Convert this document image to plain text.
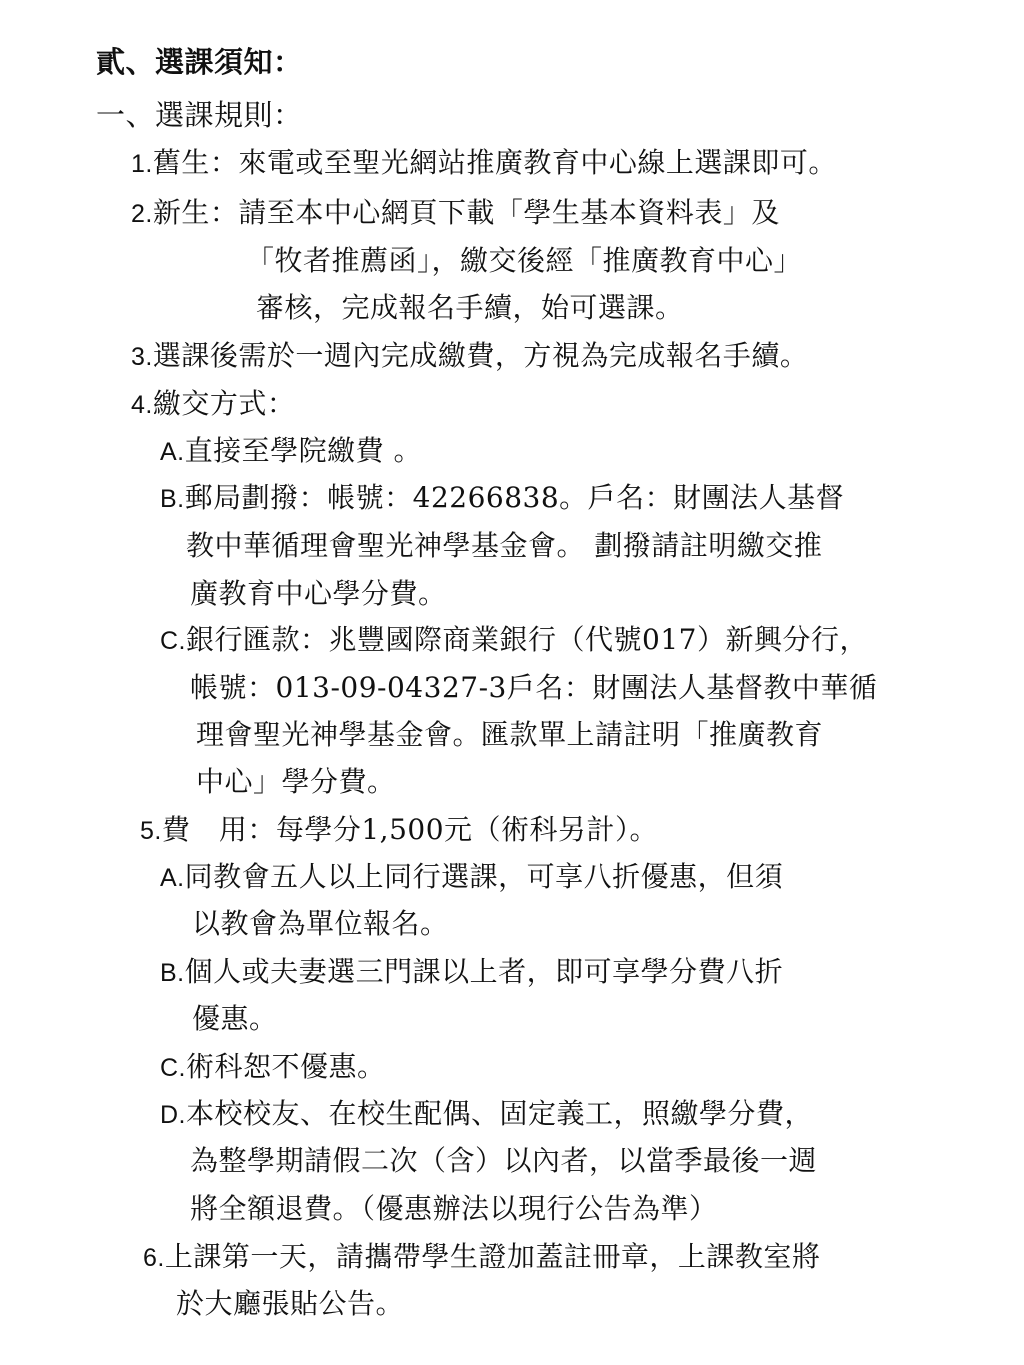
貳、選課須知：
一、選課規則：
1.舊生：來電或至聖光網站推廣教育中心線上選課即可。
2.新生：請至本中心網頁下載「學生基本資料表」及
「牧者推薦函」，繳交後經「推廣教育中心」
審核，完成報名手續，始可選課。
3.選課後需於一週內完成繳費，方視為完成報名手續。
4.繳交方式：
A.直接至學院繳費 。
B.郵局劃撥：帳號：42266838。戶名：財團法人基督
教中華循理會聖光神學基金會。 劃撥請註明繳交推
廣教育中心學分費。
C.銀行匯款：兆豐國際商業銀行（代號017）新興分行，
帳號：013-09-04327-3戶名：財團法人基督教中華循
理會聖光神學基金會。匯款單上請註明「推廣教育
中心」學分費。
5.費　用：每學分1,500元（術科另計）。
A.同教會五人以上同行選課，可享八折優惠，但須
以教會為單位報名。
B.個人或夫妻選三門課以上者，即可享學分費八折
優惠。
C.術科恕不優惠。
D.本校校友、在校生配偶、固定義工，照繳學分費，
為整學期請假二次（含）以內者，以當季最後一週
將全額退費。（優惠辦法以現行公告為準）
6.上課第一天，請攜帶學生證加蓋註冊章，上課教室將
於大廳張貼公告。
